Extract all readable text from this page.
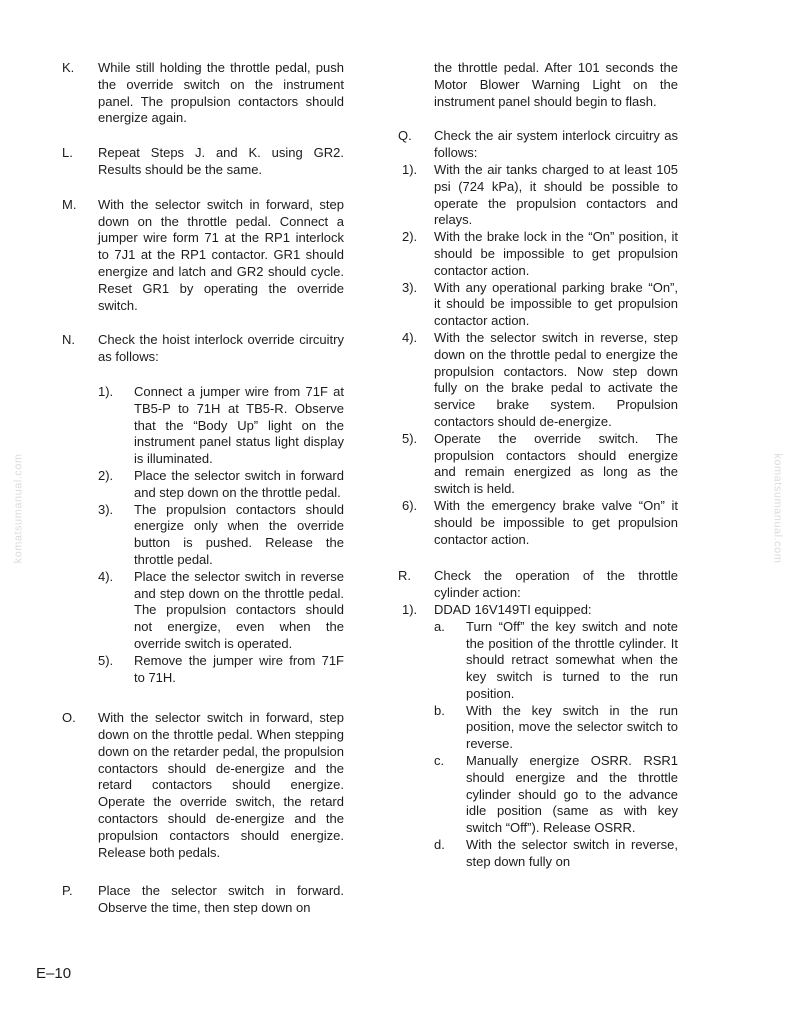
komatsumanual.com	komatsumanual.com
K. While still holding the throttle pedal, push the override switch on the instrument panel. The propulsion contactors should energize again.
L. Repeat Steps J. and K. using GR2. Results should be the same.
M. With the selector switch in forward, step down on the throttle pedal. Connect a jumper wire form 71 at the RP1 interlock to 7J1 at the RP1 contactor. GR1 should energize and latch and GR2 should cycle. Reset GR1 by operating the override switch.
N. Check the hoist interlock override circuitry as follows:
1). Connect a jumper wire from 71F at TB5-P to 71H at TB5-R. Observe that the “Body Up” light on the instrument panel status light display is illuminated.
2). Place the selector switch in forward and step down on the throttle pedal.
3). The propulsion contactors should energize only when the override button is pushed. Release the throttle pedal.
4). Place the selector switch in reverse and step down on the throttle pedal. The propulsion contactors should not energize, even when the override switch is operated.
5). Remove the jumper wire from 71F to 71H.
O. With the selector switch in forward, step down on the throttle pedal. When stepping down on the retarder pedal, the propulsion contactors should de-energize and the retard contactors should energize. Operate the override switch, the retard contactors should de-energize and the propulsion contactors should energize. Release both pedals.
P. Place the selector switch in forward. Observe the time, then step down on
the throttle pedal. After 101 seconds the Motor Blower Warning Light on the instrument panel should begin to flash.
Q. Check the air system interlock circuitry as follows:
1). With the air tanks charged to at least 105 psi (724 kPa), it should be possible to operate the propulsion contactors and relays.
2). With the brake lock in the “On” position, it should be impossible to get propulsion contactor action.
3). With any operational parking brake “On”, it should be impossible to get propulsion contactor action.
4). With the selector switch in reverse, step down on the throttle pedal to energize the propulsion contactors. Now step down fully on the brake pedal to activate the service brake system. Propulsion contactors should de-energize.
5). Operate the override switch. The propulsion contactors should energize and remain energized as long as the switch is held.
6). With the emergency brake valve “On” it should be impossible to get propulsion contactor action.
R. Check the operation of the throttle cylinder action:
1). DDAD 16V149TI equipped:
a. Turn “Off” the key switch and note the position of the throttle cylinder. It should retract somewhat when the key switch is turned to the run position.
b. With the key switch in the run position, move the selector switch to reverse.
c. Manually energize OSRR. RSR1 should energize and the throttle cylinder should go to the advance idle position (same as with key switch “Off”). Release OSRR.
d. With the selector switch in reverse, step down fully on
E–10
